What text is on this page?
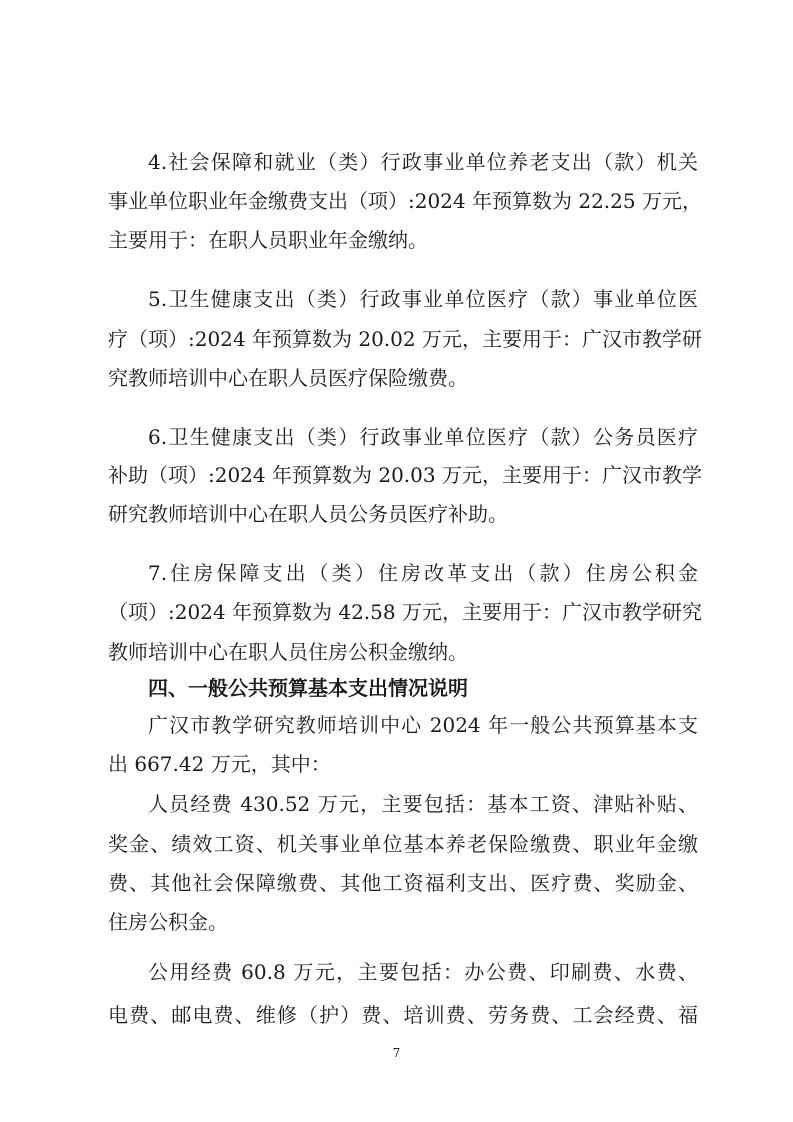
4.社会保障和就业（类）行政事业单位养老支出（款）机关
事业单位职业年金缴费支出（项）:2024 年预算数为 22.25 万元，
主要用于：在职人员职业年金缴纳。
5.卫生健康支出（类）行政事业单位医疗（款）事业单位医
疗（项）:2024 年预算数为 20.02 万元，主要用于：广汉市教学研
究教师培训中心在职人员医疗保险缴费。
6.卫生健康支出（类）行政事业单位医疗（款）公务员医疗
补助（项）:2024 年预算数为 20.03 万元，主要用于：广汉市教学
研究教师培训中心在职人员公务员医疗补助。
7.住房保障支出（类）住房改革支出（款）住房公积金
（项）:2024 年预算数为 42.58 万元，主要用于：广汉市教学研究
教师培训中心在职人员住房公积金缴纳。
四、一般公共预算基本支出情况说明
广汉市教学研究教师培训中心 2024 年一般公共预算基本支
出 667.42 万元，其中：
人员经费 430.52 万元，主要包括：基本工资、津贴补贴、
奖金、绩效工资、机关事业单位基本养老保险缴费、职业年金缴
费、其他社会保障缴费、其他工资福利支出、医疗费、奖励金、
住房公积金。
7
公用经费 60.8 万元，主要包括：办公费、印刷费、水费、
电费、邮电费、维修（护）费、培训费、劳务费、工会经费、福
